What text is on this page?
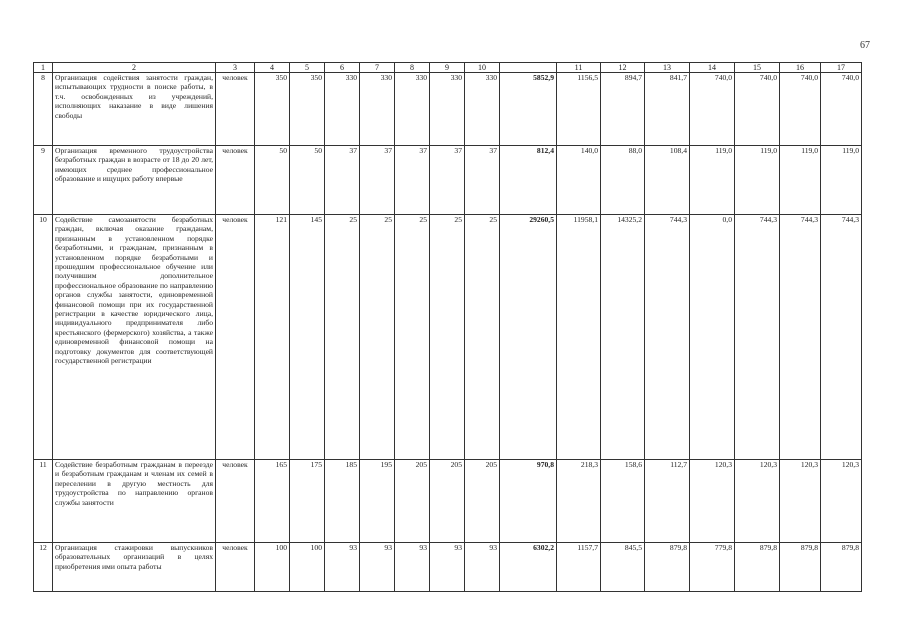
67
1	2	3	4	5	6	7	8	9	10		11	12	13	14	15	16	17
8	Организация содействия занятости граждан, испытывающих трудности в поиске работы, в т.ч. освобожденных из учреждений, исполняющих наказание в виде лишения свободы	человек	350	350	330	330	330	330	330	5852,9	1156,5	894,7	841,7	740,0	740,0	740,0	740,0
9	Организация временного трудоустройства безработных граждан в возрасте от 18 до 20 лет, имеющих среднее профессиональное образование и ищущих работу впервые	человек	50	50	37	37	37	37	37	812,4	140,0	88,0	108,4	119,0	119,0	119,0	119,0
10	Содействие самозанятости безработных граждан, включая оказание гражданам, признанным в установленном порядке безработными, и гражданам, признанным в установленном порядке безработными и прошедшим профессиональное обучение или получившим дополнительное профессиональное образование по направлению органов службы занятости, единовременной финансовой помощи при их государственной регистрации в качестве юридического лица, индивидуального предпринимателя либо крестьянского (фермерского) хозяйства, а также единовременной финансовой помощи на подготовку документов для соответствующей государственной регистрации	человек	121	145	25	25	25	25	25	29260,5	11958,1	14325,2	744,3	0,0	744,3	744,3	744,3
11	Содействие безработным гражданам в переезде и безработным гражданам и членам их семей в переселении в другую местность для трудоустройства по направлению органов службы занятости	человек	165	175	185	195	205	205	205	970,8	218,3	158,6	112,7	120,3	120,3	120,3	120,3
12	Организация стажировки выпускников образовательных организаций в целях приобретения ими опыта работы	человек	100	100	93	93	93	93	93	6302,2	1157,7	845,5	879,8	779,8	879,8	879,8	879,8
